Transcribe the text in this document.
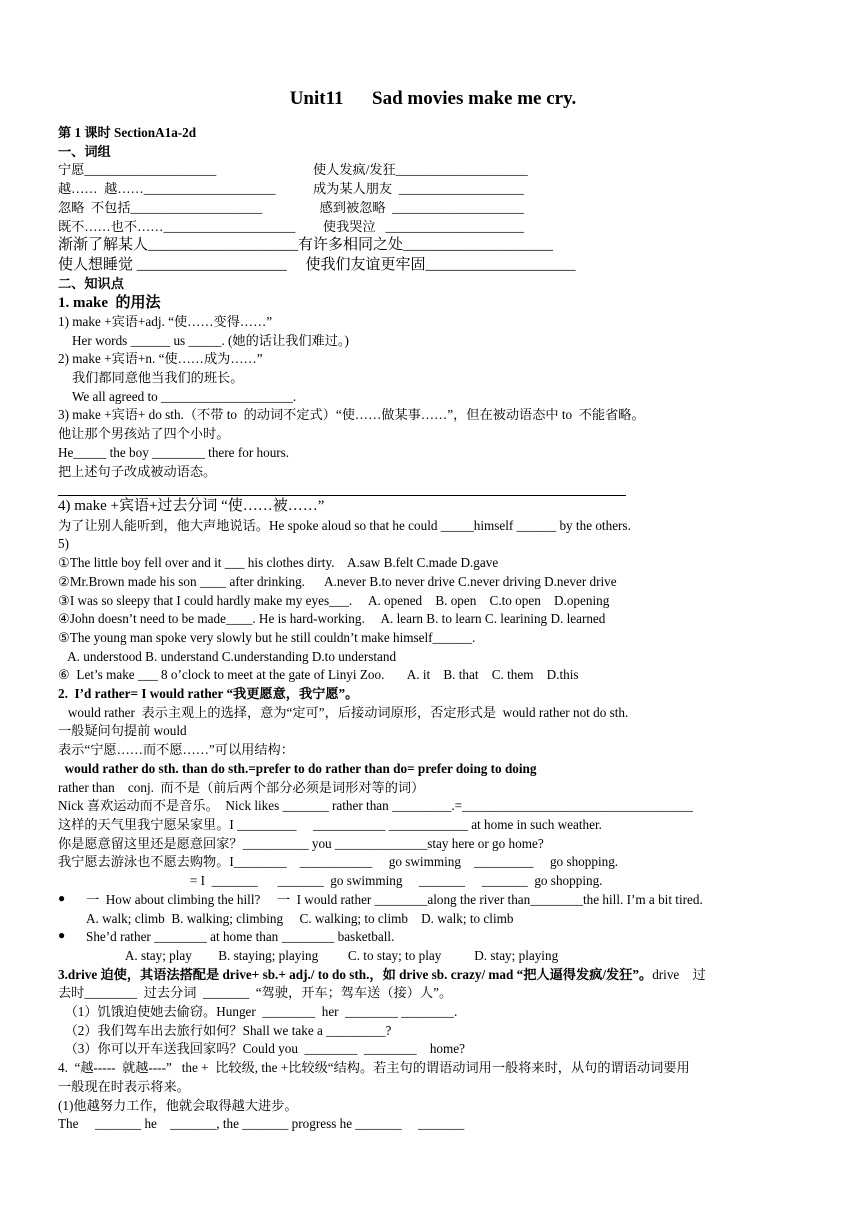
Unit11      Sad movies make me cry.
第 1 课时 SectionA1a-2d
一、词组
宁愿____________________	使人发疯/发狂____________________
越……  越……____________________	成为某人朋友  ___________________
忽略  不包括____________________	感到被忽略  ____________________
既不……也不……____________________	使我哭泣   _____________________
渐渐了解某人____________________有许多相同之处____________________
使人想睡觉 ____________________     使我们友谊更牢固____________________
二、知识点
1. make  的用法
1) make +宾语+adj. “使……变得……”
Her words ______ us _____. (她的话让我们难过。)
2) make +宾语+n. “使……成为……”
我们都同意他当我们的班长。
We all agreed to ____________________.
3) make +宾语+ do sth.（不带 to  的动词不定式）“使……做某事……”，但在被动语态中 to  不能省略。
他让那个男孩站了四个小时。
He_____ the boy ________ there for hours.
把上述句子改成被动语态。
4) make +宾语+过去分词 “使……被……”
为了让别人能听到，他大声地说话。He spoke aloud so that he could _____himself ______ by the others.
5)
①The little boy fell over and it ___ his clothes dirty.    A.saw B.felt C.made D.gave
②Mr.Brown made his son ____ after drinking.      A.never B.to never drive C.never driving D.never drive
③I was so sleepy that I could hardly make my eyes___.     A. opened    B. open    C.to open    D.opening
④John doesn’t need to be made____. He is hard-working.     A. learn B. to learn C. learining D. learned
⑤The young man spoke very slowly but he still couldn’t make himself______.
A. understood B. understand C.understanding D.to understand
⑥  Let’s make ___ 8 o’clock to meet at the gate of Linyi Zoo.       A. it    B. that    C. them    D.this
2.  I’d rather= I would rather “我更愿意，我宁愿”。
would rather  表示主观上的选择，意为“定可”，后接动词原形，否定形式是  would rather not do sth.
一般疑问句提前 would
表示“宁愿……而不愿……”可以用结构：
would rather do sth. than do sth.=prefer to do rather than do= prefer doing to doing
rather than    conj.  而不是（前后两个部分必须是词形对等的词）
Nick 喜欢运动而不是音乐。  Nick likes _______ rather than _________.=___________________________________
这样的天气里我宁愿呆家里。I _________     ___________ ____________ at home in such weather.
你是愿意留这里还是愿意回家？__________ you ______________stay here or go home?
我宁愿去游泳也不愿去购物。I________    ___________     go swimming    _________     go shopping.
= I  _______      _______  go swimming     _______     _______  go shopping.
●	一  How about climbing the hill?     一  I would rather ________along the river than________the hill. I’m a bit tired.
A. walk; climb  B. walking; climbing     C. walking; to climb    D. walk; to climb
●	She’d rather ________ at home than ________ basketball.
A. stay; play        B. staying; playing         C. to stay; to play          D. stay; playing
3.drive 迫使，其语法搭配是 drive+ sb.+ adj./ to do sth.，如 drive sb. crazy/ mad “把人逼得发疯/发狂”。drive    过
去时________  过去分词  _______  “驾驶，开车；驾车送（接）人”。
（1）饥饿迫使她去偷窃。Hunger  ________  her  ________ ________.
（2）我们驾车出去旅行如何？Shall we take a _________?
（3）你可以开车送我回家吗？Could you  ________  ________    home?
4.  “越-----  就越----”   the +  比较级, the +比较级“结构。若主句的谓语动词用一般将来时，从句的谓语动词要用
一般现在时表示将来。
(1)他越努力工作，他就会取得越大进步。
The     _______ he    _______, the _______ progress he _______     _______
